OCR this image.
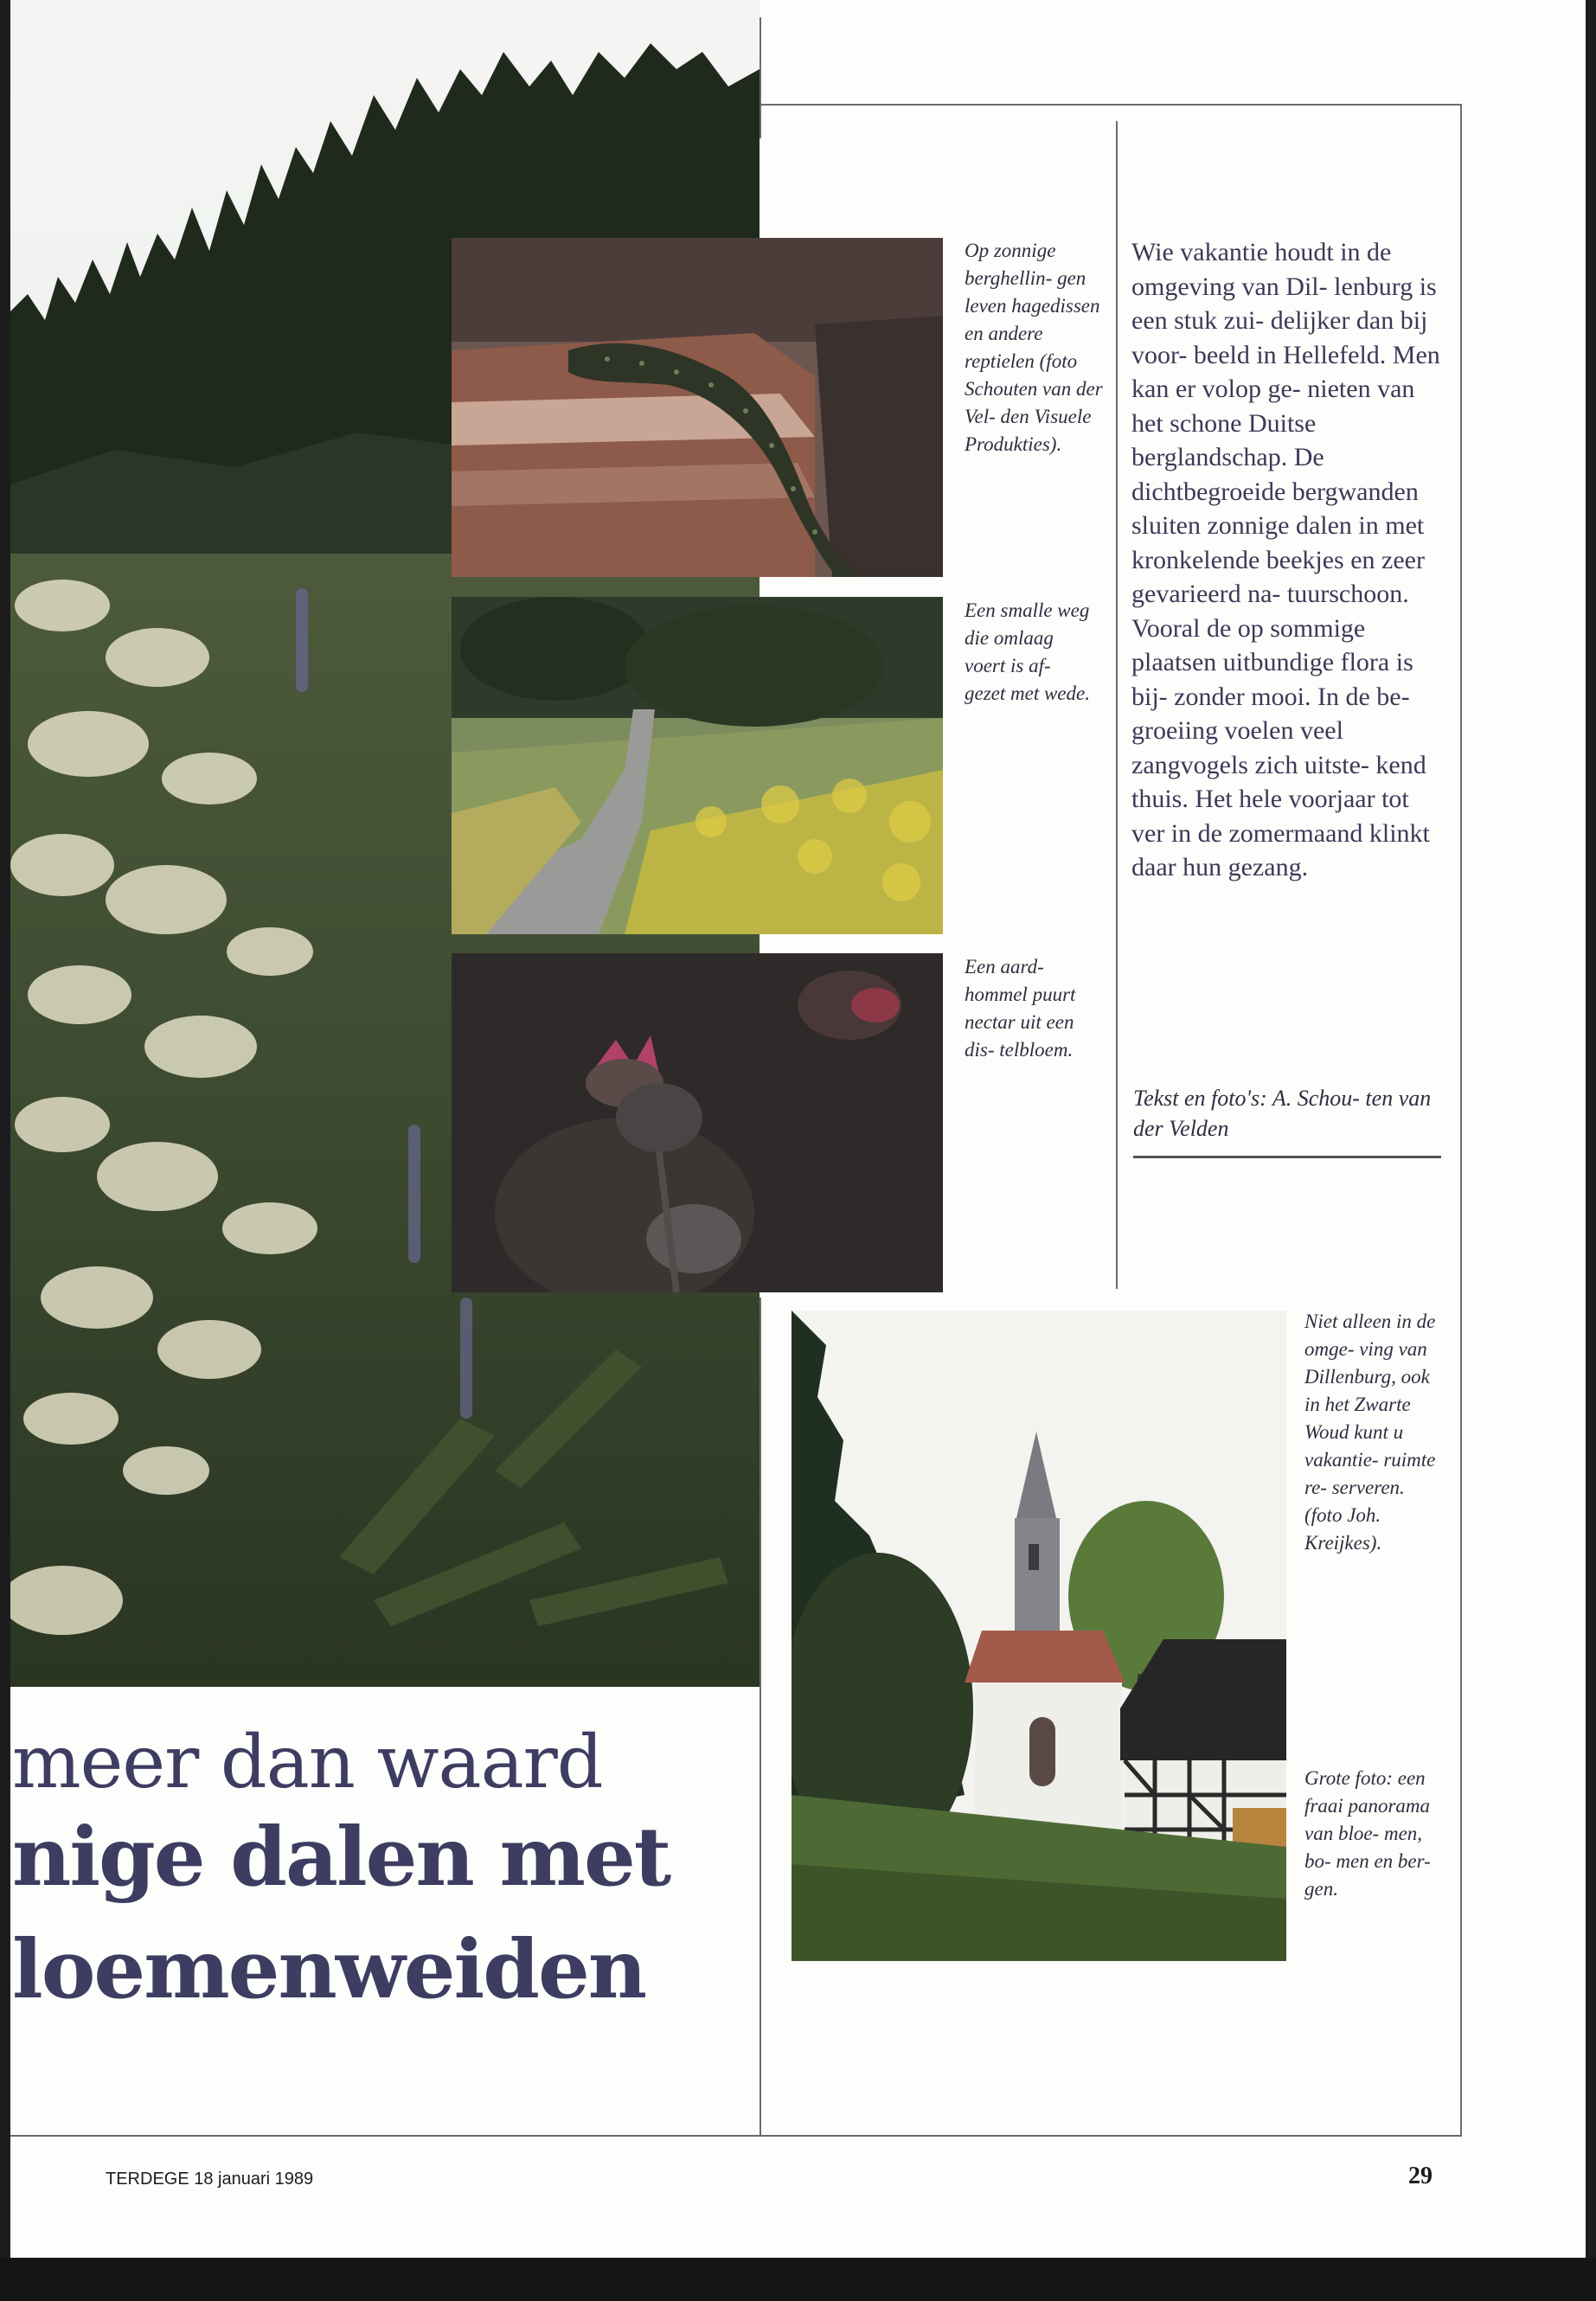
Op zonnige berghellin- gen leven hagedissen en andere reptielen (foto Schouten van der Vel- den Visuele Produkties).
Een smalle weg die omlaag voert is af- gezet met wede.
Een aard- hommel puurt nectar uit een dis- telbloem.
Niet alleen in de omge- ving van Dillenburg, ook in het Zwarte Woud kunt u vakantie- ruimte re- serveren. (foto Joh. Kreijkes).
Grote foto: een fraai panorama van bloe- men, bo- men en ber- gen.
Wie vakantie houdt in de omgeving van Dil- lenburg is een stuk zui- delijker dan bij voor- beeld in Hellefeld. Men kan er volop ge- nieten van het schone Duitse berglandschap. De dichtbegroeide bergwanden sluiten zonnige dalen in met kronkelende beekjes en zeer gevarieerd na- tuurschoon. Vooral de op sommige plaatsen uitbundige flora is bij- zonder mooi. In de be- groeiing voelen veel zangvogels zich uitste- kend thuis. Het hele voorjaar tot ver in de zomermaand klinkt daar hun gezang.
Tekst en foto's: A. Schou- ten van der Velden
meer dan waard
nige dalen met
loemenweiden
TERDEGE 18 januari 1989	29
